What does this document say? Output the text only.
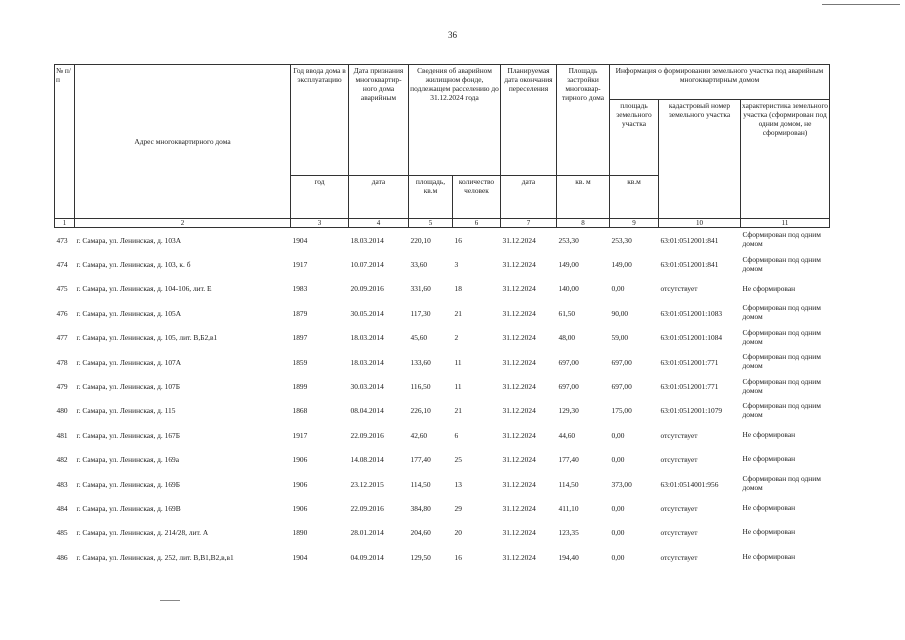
36
№ п/п	Адрес многоквартирного дома	Год ввода дома в эксплуатацию	Дата признания многоквартир-ного дома аварийным	Сведения об аварийном жилищном фонде, подлежащем расселению до 31.12.2024 года		Планируемая дата окончания переселения	Площадь застройки многоквар-тирного дома	Информация о формировании земельного участка под аварийным многоквартирным домом		
								площадь земельного участка	кадастровый номер земельного участка	характеристика земельного участка (сформирован под одним домом, не сформирован)
		год	дата	площадь, кв.м	количество человек	дата	кв. м	кв.м		
1	2	3	4	5	6	7	8	9	10	11
473	г. Самара, ул. Ленинская, д. 103А	1904	18.03.2014	220,10	16	31.12.2024	253,30	253,30	63:01:0512001:841	Сформирован под одним домом
474	г. Самара, ул. Ленинская, д. 103, к. б	1917	10.07.2014	33,60	3	31.12.2024	149,00	149,00	63:01:0512001:841	Сформирован под одним домом
475	г. Самара, ул. Ленинская, д. 104-106, лит. Е	1983	20.09.2016	331,60	18	31.12.2024	140,00	0,00	отсутствует	Не сформирован
476	г. Самара, ул. Ленинская, д. 105А	1879	30.05.2014	117,30	21	31.12.2024	61,50	90,00	63:01:0512001:1083	Сформирован под одним домом
477	г. Самара, ул. Ленинская, д. 105, лит. В,Б2,в1	1897	18.03.2014	45,60	2	31.12.2024	48,00	59,00	63:01:0512001:1084	Сформирован под одним домом
478	г. Самара, ул. Ленинская, д. 107А	1859	18.03.2014	133,60	11	31.12.2024	697,00	697,00	63:01:0512001:771	Сформирован под одним домом
479	г. Самара, ул. Ленинская, д. 107Б	1899	30.03.2014	116,50	11	31.12.2024	697,00	697,00	63:01:0512001:771	Сформирован под одним домом
480	г. Самара, ул. Ленинская, д. 115	1868	08.04.2014	226,10	21	31.12.2024	129,30	175,00	63:01:0512001:1079	Сформирован под одним домом
481	г. Самара, ул. Ленинская, д. 167Б	1917	22.09.2016	42,60	6	31.12.2024	44,60	0,00	отсутствует	Не сформирован
482	г. Самара, ул. Ленинская, д. 169а	1906	14.08.2014	177,40	25	31.12.2024	177,40	0,00	отсутствует	Не сформирован
483	г. Самара, ул. Ленинская, д. 169Б	1906	23.12.2015	114,50	13	31.12.2024	114,50	373,00	63:01:0514001:956	Сформирован под одним домом
484	г. Самара, ул. Ленинская, д. 169В	1906	22.09.2016	384,80	29	31.12.2024	411,10	0,00	отсутствует	Не сформирован
485	г. Самара, ул. Ленинская, д. 214/28, лит. А	1890	28.01.2014	204,60	20	31.12.2024	123,35	0,00	отсутствует	Не сформирован
486	г. Самара, ул. Ленинская, д. 252, лит. В,В1,В2,в,в1	1904	04.09.2014	129,50	16	31.12.2024	194,40	0,00	отсутствует	Не сформирован
